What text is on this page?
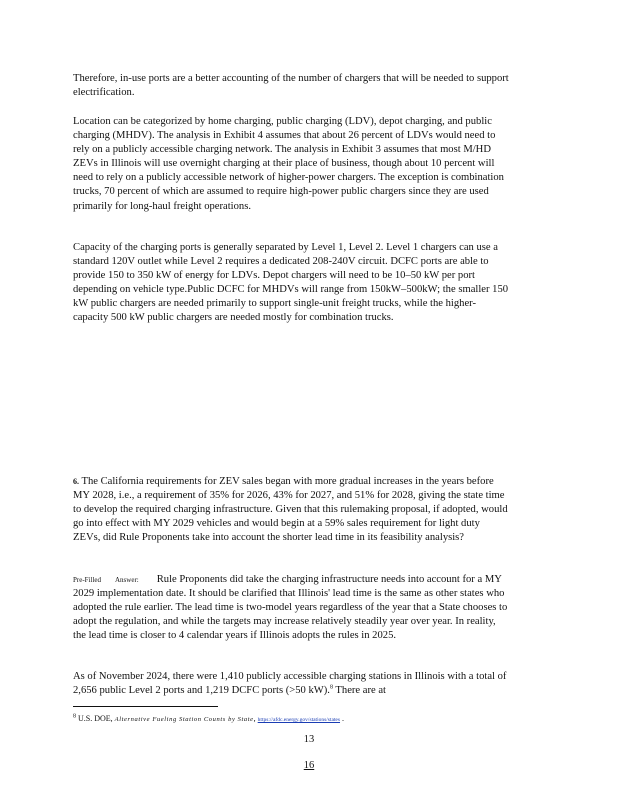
Therefore, in-use ports are a better accounting of the number of chargers that will be needed to support electrification.

Location can be categorized by home charging, public charging (LDV), depot charging, and public charging (MHDV). The analysis in Exhibit 4 assumes that about 26 percent of LDVs would need to rely on a publicly accessible charging network. The analysis in Exhibit 3 assumes that most M/HD ZEVs in Illinois will use overnight charging at their place of business, though about 10 percent will need to rely on a publicly accessible network of higher-power chargers. The exception is combination trucks, 70 percent of which are assumed to require high-power public chargers since they are used primarily for long-haul freight operations.

Capacity of the charging ports is generally separated by Level 1, Level 2. Level 1 chargers can use a standard 120V outlet while Level 2 requires a dedicated 208-240V circuit. DCFC ports are able to provide 150 to 350 kW of energy for LDVs. Depot chargers will need to be 10–50 kW per port depending on vehicle type.Public DCFC for MHDVs will range from 150kW–500kW; the smaller 150 kW public chargers are needed primarily to support single-unit freight trucks, while the higher-capacity 500 kW public chargers are needed mostly for combination trucks.

6. The California requirements for ZEV sales began with more gradual increases in the years before MY 2028, i.e., a requirement of 35% for 2026, 43% for 2027, and 51% for 2028, giving the state time to develop the required charging infrastructure. Given that this rulemaking proposal, if adopted, would go into effect with MY 2029 vehicles and would begin at a 59% sales requirement for light duty ZEVs, did Rule Proponents take into account the shorter lead time in its feasibility analysis?

Pre-Filled Answer: Rule Proponents did take the charging infrastructure needs into account for a MY 2029 implementation date. It should be clarified that Illinois' lead time is the same as other states who adopted the rule earlier. The lead time is two-model years regardless of the year that a State chooses to adopt the regulation, and while the targets may increase relatively steadily year over year. In reality, the lead time is closer to 4 calendar years if Illinois adopts the rules in 2025.

As of November 2024, there were 1,410 publicly accessible charging stations in Illinois with a total of 2,656 public Level 2 ports and 1,219 DCFC ports (>50 kW).$^8$ There are at

$^8$ U.S. DOE, Alternative Fueling Station Counts by State, https://afdc.energy.gov/stations/states .
13
16
